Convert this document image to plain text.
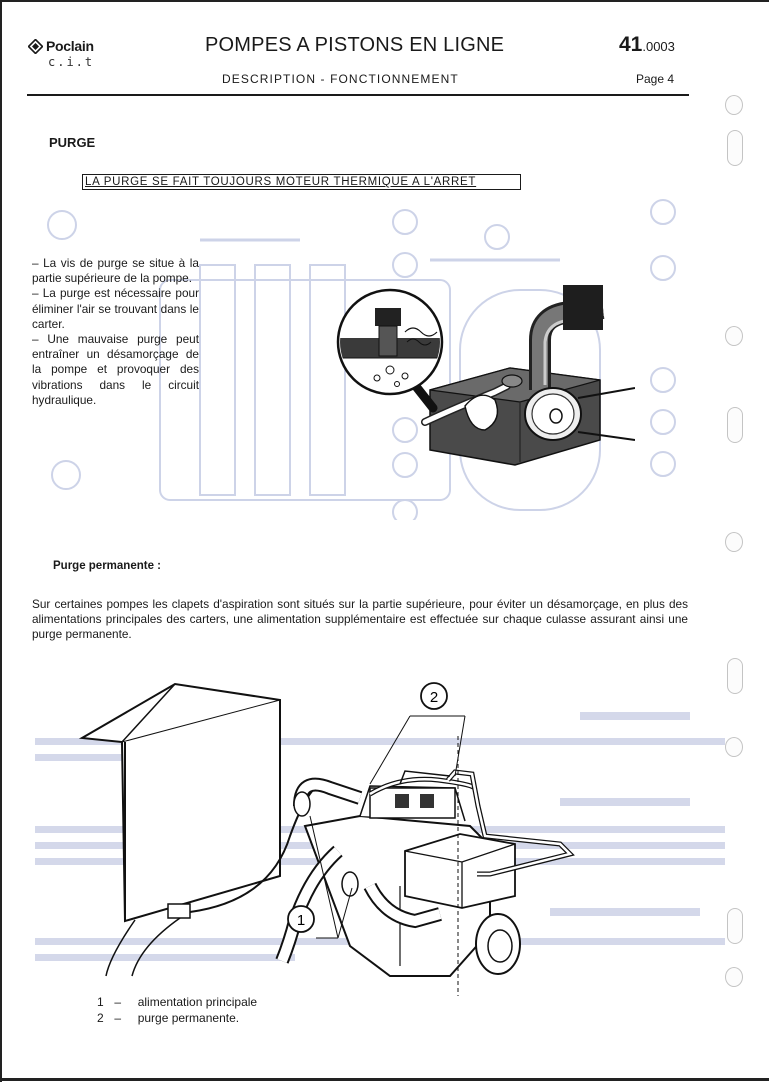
Poclain
c.i.t
POMPES A PISTONS EN LIGNE
DESCRIPTION - FONCTIONNEMENT
41.0003
Page 4
PURGE
LA PURGE SE FAIT TOUJOURS MOTEUR THERMIQUE A L'ARRET

– La vis de purge se situe à la partie supérieure de la pompe.

– La purge est nécessaire pour éliminer l'air se trouvant dans le carter.

– Une mauvaise purge peut entraîner un désamorçage de la pompe et provoquer des vibrations dans le circuit hydraulique.

Purge permanente :
Sur certaines pompes les clapets d'aspiration sont situés sur la partie supérieure, pour éviter un désamorçage, en plus des alimentations principales des carters, une alimentation supplémentaire est effectuée sur chaque culasse assurant ainsi une purge permanente.
2
1
1 – alimentation principale
2 – purge permanente.
